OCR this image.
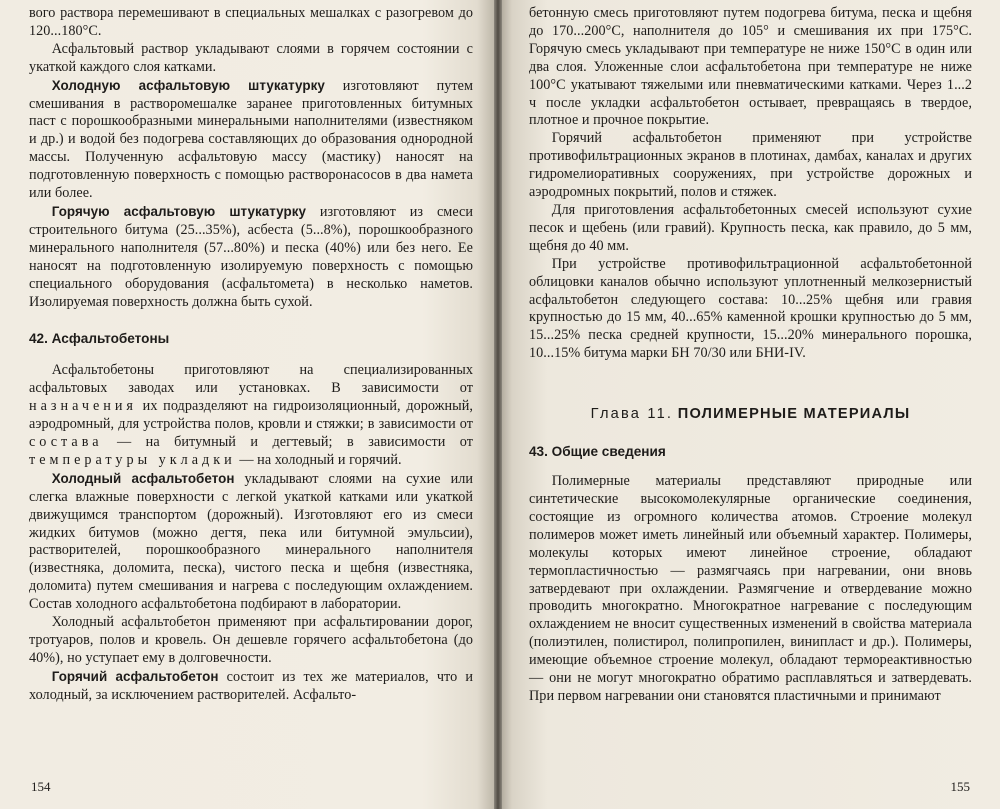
вого раствора перемешивают в специальных мешалках с разогревом до 120...180°С.

Асфальтовый раствор укладывают слоями в горячем состоянии с укаткой каждого слоя катками.

Холодную асфальтовую штукатурку изготовляют путем смешивания в растворомешалке заранее приготовленных битумных паст с порошкообразными минеральными наполнителями (известняком и др.) и водой без подогрева составляющих до образования однородной массы. Полученную асфальтовую массу (мастику) наносят на подготовленную поверхность с помощью растворонасосов в два намета или более.

Горячую асфальтовую штукатурку изготовляют из смеси строительного битума (25...35%), асбеста (5...8%), порошкообразного минерального наполнителя (57...80%) и песка (40%) или без него. Ее наносят на подготовленную изолируемую поверхность с помощью специального оборудования (асфальтомета) в несколько наметов. Изолируемая поверхность должна быть сухой.

42. Асфальтобетоны

Асфальтобетоны приготовляют на специализированных асфальтовых заводах или установках. В зависимости от назначения их подразделяют на гидроизоляционный, дорожный, аэродромный, для устройства полов, кровли и стяжки; в зависимости от состава — на битумный и дегтевый; в зависимости от температуры укладки — на холодный и горячий.

Холодный асфальтобетон укладывают слоями на сухие или слегка влажные поверхности с легкой укаткой катками или укаткой движущимся транспортом (дорожный). Изготовляют его из смеси жидких битумов (можно дегтя, пека или битумной эмульсии), растворителей, порошкообразного минерального наполнителя (известняка, доломита, песка), чистого песка и щебня (известняка, доломита) путем смешивания и нагрева с последующим охлаждением. Состав холодного асфальтобетона подбирают в лаборатории.

Холодный асфальтобетон применяют при асфальтировании дорог, тротуаров, полов и кровель. Он дешевле горячего асфальтобетона (до 40%), но уступает ему в долговечности.

Горячий асфальтобетон состоит из тех же материалов, что и холодный, за исключением растворителей. Асфальто-

154

бетонную смесь приготовляют путем подогрева битума, песка и щебня до 170...200°С, наполнителя до 105° и смешивания их при 175°С. Горячую смесь укладывают при температуре не ниже 150°С в один или два слоя. Уложенные слои асфальтобетона при температуре не ниже 100°С укатывают тяжелыми или пневматическими катками. Через 1...2 ч после укладки асфальтобетон остывает, превращаясь в твердое, плотное и прочное покрытие.

Горячий асфальтобетон применяют при устройстве противофильтрационных экранов в плотинах, дамбах, каналах и других гидромелиоративных сооружениях, при устройстве дорожных и аэродромных покрытий, полов и стяжек.

Для приготовления асфальтобетонных смесей используют сухие песок и щебень (или гравий). Крупность песка, как правило, до 5 мм, щебня до 40 мм.

При устройстве противофильтрационной асфальтобетонной облицовки каналов обычно используют уплотненный мелкозернистый асфальтобетон следующего состава: 10...25% щебня или гравия крупностью до 15 мм, 40...65% каменной крошки крупностью до 5 мм, 15...25% песка средней крупности, 15...20% минерального порошка, 10...15% битума марки БН 70/30 или БНИ-IV.

Глава 11. ПОЛИМЕРНЫЕ МАТЕРИАЛЫ
43. Общие сведения

Полимерные материалы представляют природные или синтетические высокомолекулярные органические соединения, состоящие из огромного количества атомов. Строение молекул полимеров может иметь линейный или объемный характер. Полимеры, молекулы которых имеют линейное строение, обладают термопластичностью — размягчаясь при нагревании, они вновь затвердевают при охлаждении. Размягчение и отвердевание можно проводить многократно. Многократное нагревание с последующим охлаждением не вносит существенных изменений в свойства материала (полиэтилен, полистирол, полипропилен, винипласт и др.). Полимеры, имеющие объемное строение молекул, обладают термореактивностью — они не могут многократно обратимо расплавляться и затвердевать. При первом нагревании они становятся пластичными и принимают

155
